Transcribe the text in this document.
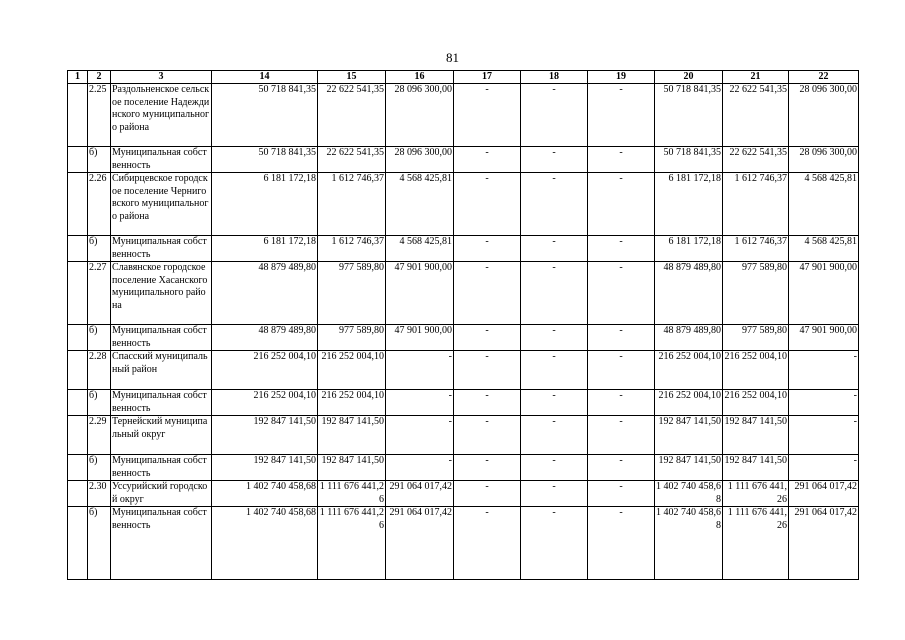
81
1	2	3	14	15	16	17	18	19	20	21	22
	2.25	Раздольненское сельское поселение Надеждинского муниципального района	50 718 841,35	22 622 541,35	28 096 300,00	-	-	-	50 718 841,35	22 622 541,35	28 096 300,00
	б)	Муниципальная собственность	50 718 841,35	22 622 541,35	28 096 300,00	-	-	-	50 718 841,35	22 622 541,35	28 096 300,00
	2.26	Сибирцевское городское поселение Черниговского муниципального района	6 181 172,18	1 612 746,37	4 568 425,81	-	-	-	6 181 172,18	1 612 746,37	4 568 425,81
	б)	Муниципальная собственность	6 181 172,18	1 612 746,37	4 568 425,81	-	-	-	6 181 172,18	1 612 746,37	4 568 425,81
	2.27	Славянское городское поселение Хасанского муниципального района	48 879 489,80	977 589,80	47 901 900,00	-	-	-	48 879 489,80	977 589,80	47 901 900,00
	б)	Муниципальная собственность	48 879 489,80	977 589,80	47 901 900,00	-	-	-	48 879 489,80	977 589,80	47 901 900,00
	2.28	Спасский муниципальный район	216 252 004,10	216 252 004,10	-	-	-	-	216 252 004,10	216 252 004,10	-
	б)	Муниципальная собственность	216 252 004,10	216 252 004,10	-	-	-	-	216 252 004,10	216 252 004,10	-
	2.29	Тернейский муниципальный округ	192 847 141,50	192 847 141,50	-	-	-	-	192 847 141,50	192 847 141,50	-
	б)	Муниципальная собственность	192 847 141,50	192 847 141,50	-	-	-	-	192 847 141,50	192 847 141,50	-
	2.30	Уссурийский городской округ	1 402 740 458,68	1 111 676 441,26	291 064 017,42	-	-	-	1 402 740 458,68	1 111 676 441,26	291 064 017,42
	б)	Муниципальная собственность	1 402 740 458,68	1 111 676 441,26	291 064 017,42	-	-	-	1 402 740 458,68	1 111 676 441,26	291 064 017,42
